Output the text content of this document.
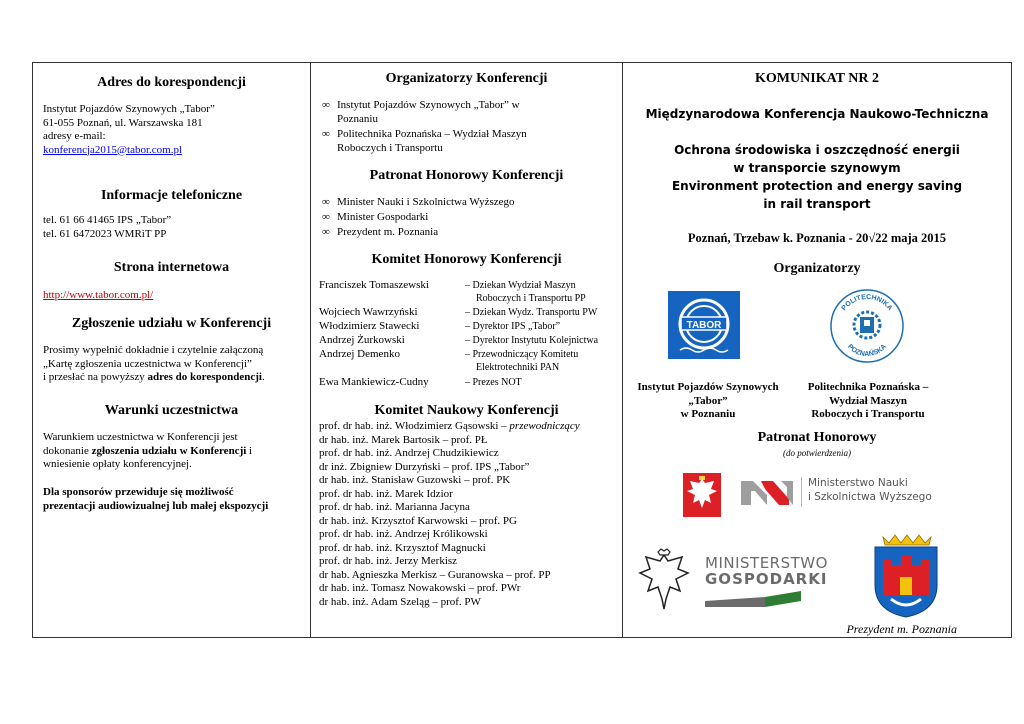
Adres do korespondencji
Instytut Pojazdów Szynowych „Tabor”
61-055 Poznań, ul. Warszawska 181
adresy e-mail:
konferencja2015@tabor.com.pl
Informacje telefoniczne
tel. 61 66 41465 IPS „Tabor”
tel. 61 6472023 WMRiT PP
Strona internetowa
http://www.tabor.com.pl/
Zgłoszenie udziału w Konferencji
Prosimy wypełnić dokładnie i czytelnie załączoną
„Kartę zgłoszenia uczestnictwa w Konferencji”
i przesłać na powyższy adres do korespondencji.
Warunki uczestnictwa
Warunkiem uczestnictwa w Konferencji jest
dokonanie zgłoszenia udziału w Konferencji i
wniesienie opłaty konferencyjnej.
Dla sponsorów przewiduje się możliwość
prezentacji audiowizualnej lub małej ekspozycji
Organizatorzy Konferencji
∞ Instytut Pojazdów Szynowych „Tabor” w
Poznaniu
∞ Politechnika Poznańska – Wydział Maszyn
Roboczych i Transportu
Patronat Honorowy Konferencji
∞ Minister Nauki i Szkolnictwa Wyższego
∞ Minister Gospodarki
∞ Prezydent m. Poznania
Komitet Honorowy Konferencji
Franciszek Tomaszewski	– Dziekan Wydział Maszyn
Roboczych i Transportu PP
Wojciech Wawrzyński	– Dziekan Wydz. Transportu PW
Włodzimierz Stawecki	– Dyrektor IPS „Tabor”
Andrzej Żurkowski	– Dyrektor Instytutu Kolejnictwa
Andrzej Demenko	– Przewodniczący Komitetu
Elektrotechniki PAN
Ewa Mankiewicz-Cudny	– Prezes NOT
Komitet Naukowy Konferencji
prof. dr hab. inż. Włodzimierz Gąsowski – przewodniczący
dr hab. inż. Marek Bartosik – prof. PŁ
prof. dr hab. inż. Andrzej Chudzikiewicz
dr inż. Zbigniew Durzyński – prof. IPS „Tabor”
dr hab. inż. Stanisław Guzowski – prof. PK
prof. dr hab. inż. Marek Idzior
prof. dr hab. inż. Marianna Jacyna
dr hab. inż. Krzysztof Karwowski – prof. PG
prof. dr hab. inż. Andrzej Królikowski
prof. dr hab. inż. Krzysztof Magnucki
prof. dr hab. inż. Jerzy Merkisz
dr hab. Agnieszka Merkisz – Guranowska – prof. PP
dr hab. inż. Tomasz Nowakowski – prof. PWr
dr hab. inż. Adam Szeląg – prof. PW
KOMUNIKAT NR 2
Międzynarodowa Konferencja Naukowo-Techniczna
Ochrona środowiska i oszczędność energii
w transporcie szynowym
Environment protection and energy saving
in rail transport
Poznań, Trzebaw k. Poznania - 20√22 maja 2015
Organizatorzy
TABOR
POLITECHNIKA
POZNAŃSKA
Instytut Pojazdów Szynowych
„Tabor”
w Poznaniu
Politechnika Poznańska –
Wydział Maszyn
Roboczych i Transportu
Patronat Honorowy
(do potwierdzenia)
Ministerstwo Nauki
i Szkolnictwa Wyższego
MINISTERSTWO
GOSPODARKI
Prezydent m. Poznania
